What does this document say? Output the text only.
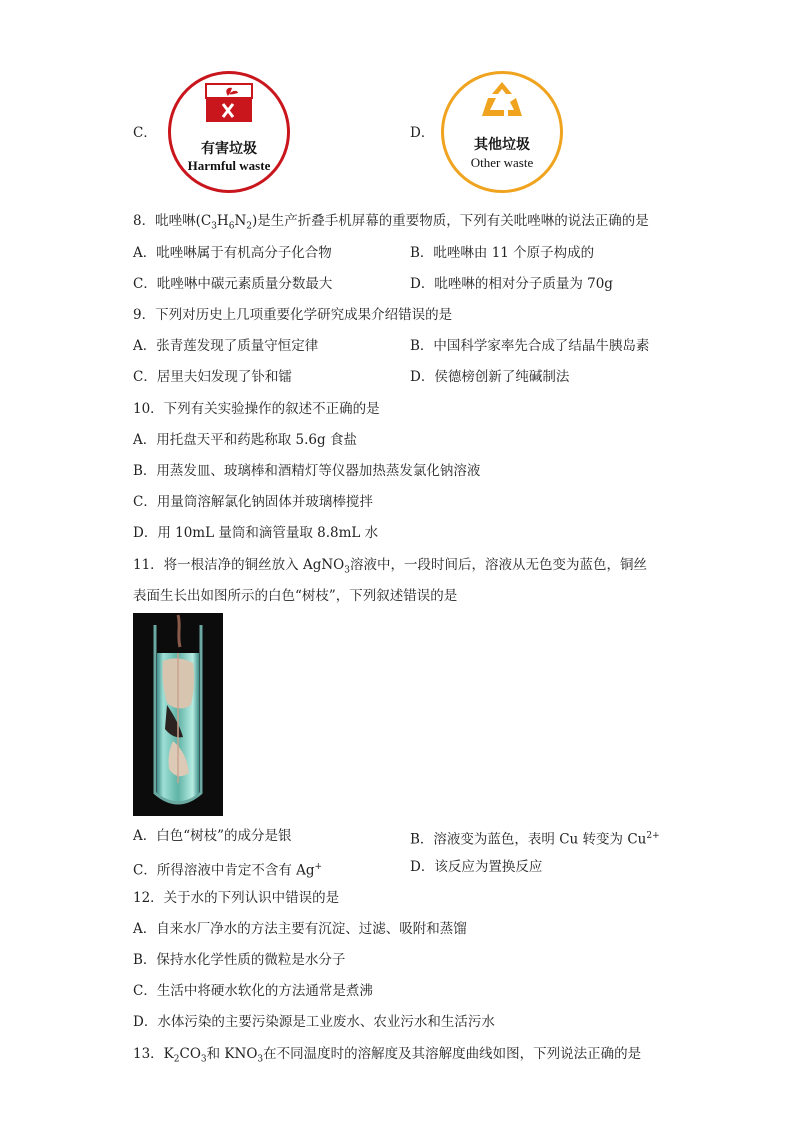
C．
有害垃圾
Harmful waste
D．
其他垃圾
Other waste
8．吡唑啉$(C_3H_6N_2)$是生产折叠手机屏幕的重要物质，下列有关吡唑啉的说法正确的是
A．吡唑啉属于有机高分子化合物	B．吡唑啉由 11 个原子构成的
C．吡唑啉中碳元素质量分数最大	D．吡唑啉的相对分子质量为 70g
9．下列对历史上几项重要化学研究成果介绍错误的是
A．张青莲发现了质量守恒定律	B．中国科学家率先合成了结晶牛胰岛素
C．居里夫妇发现了钋和镭	D．侯德榜创新了纯碱制法
10．下列有关实验操作的叙述不正确的是
A．用托盘天平和药匙称取 5.6g 食盐
B．用蒸发皿、玻璃棒和酒精灯等仪器加热蒸发氯化钠溶液
C．用量筒溶解氯化钠固体并玻璃棒搅拌
D．用 10mL 量筒和滴管量取 8.8mL 水
11．将一根洁净的铜丝放入 AgNO$_3$溶液中，一段时间后，溶液从无色变为蓝色，铜丝
表面生长出如图所示的白色“树枝”，下列叙述错误的是
A．白色“树枝”的成分是银	B．溶液变为蓝色，表明 Cu 转变为 $Cu^{2+}$
C．所得溶液中肯定不含有 Ag+	D．该反应为置换反应
12．关于水的下列认识中错误的是
A．自来水厂净水的方法主要有沉淀、过滤、吸附和蒸馏
B．保持水化学性质的微粒是水分子
C．生活中将硬水软化的方法通常是煮沸
D．水体污染的主要污染源是工业废水、农业污水和生活污水
13．$K_2CO_3$和 $KNO_3$在不同温度时的溶解度及其溶解度曲线如图，下列说法正确的是
